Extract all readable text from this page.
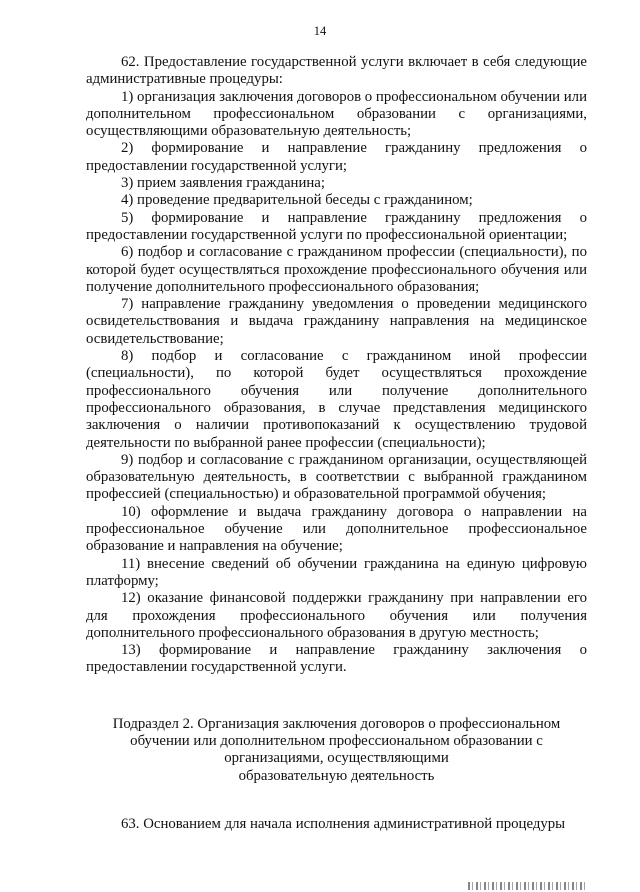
14

62. Предоставление государственной услуги включает в себя следующие административные процедуры:

1) организация заключения договоров о профессиональном обучении или дополнительном профессиональном образовании с организациями, осуществляющими образовательную деятельность;

2) формирование и направление гражданину предложения о предоставлении государственной услуги;

3) прием заявления гражданина;

4) проведение предварительной беседы с гражданином;

5) формирование и направление гражданину предложения о предоставлении государственной услуги по профессиональной ориентации;

6) подбор и согласование с гражданином профессии (специальности), по которой будет осуществляться прохождение профессионального обучения или получение дополнительного профессионального образования;

7) направление гражданину уведомления о проведении медицинского освидетельствования и выдача гражданину направления на медицинское освидетельствование;

8) подбор и согласование с гражданином иной профессии (специальности), по которой будет осуществляться прохождение профессионального обучения или получение дополнительного профессионального образования, в случае представления медицинского заключения о наличии противопоказаний к осуществлению трудовой деятельности по выбранной ранее профессии (специальности);

9) подбор и согласование с гражданином организации, осуществляющей образовательную деятельность, в соответствии с выбранной гражданином профессией (специальностью) и образовательной программой обучения;

10) оформление и выдача гражданину договора о направлении на профессиональное обучение или дополнительное профессиональное образование и направления на обучение;

11) внесение сведений об обучении гражданина на единую цифровую платформу;

12) оказание финансовой поддержки гражданину при направлении его для прохождения профессионального обучения или получения дополнительного профессионального образования в другую местность;

13) формирование и направление гражданину заключения о предоставлении государственной услуги.

Подраздел 2. Организация заключения договоров о профессиональном
обучении или дополнительном профессиональном образовании с
организациями, осуществляющими
образовательную деятельность

63. Основанием для начала исполнения административной процедуры
